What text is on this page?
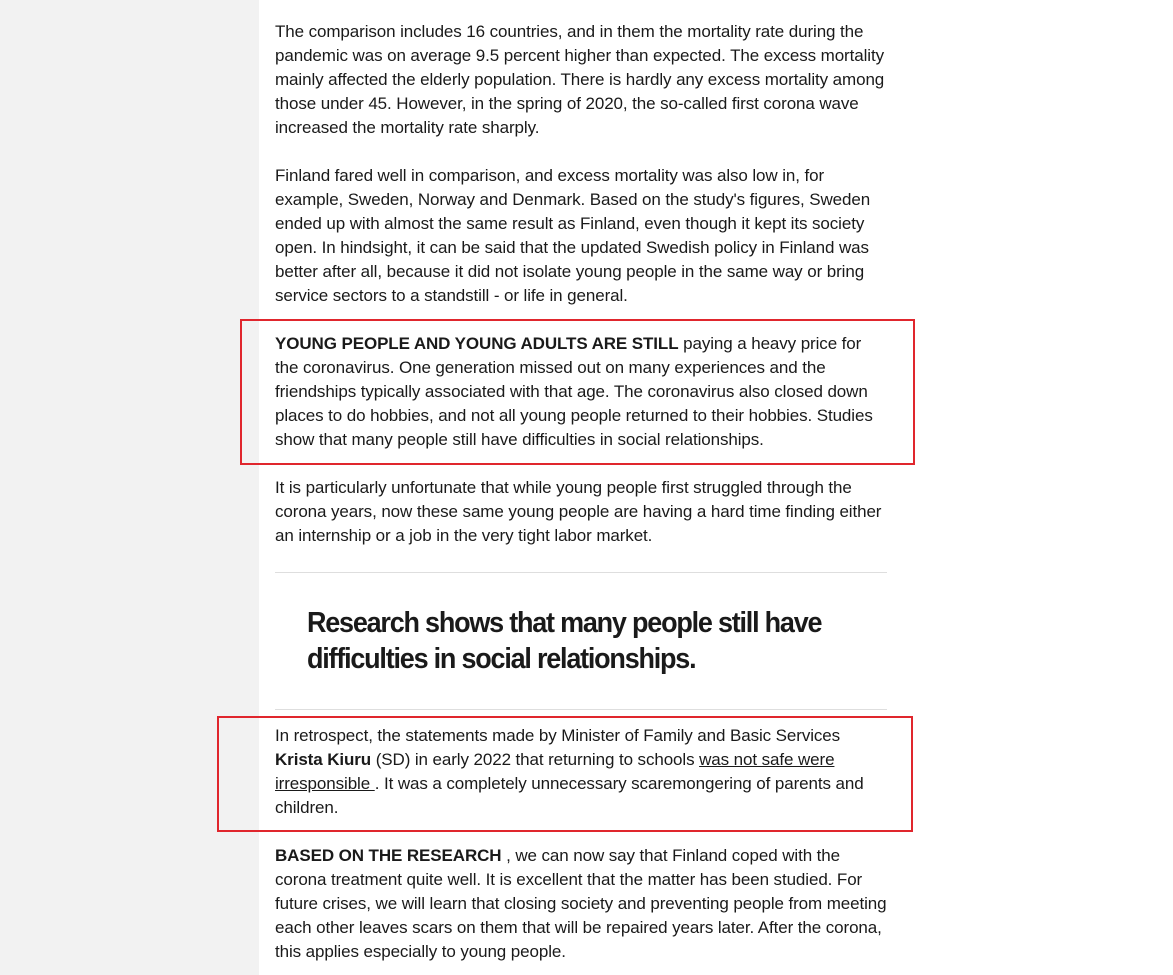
The comparison includes 16 countries, and in them the mortality rate during the pandemic was on average 9.5 percent higher than expected. The excess mortality mainly affected the elderly population. There is hardly any excess mortality among those under 45. However, in the spring of 2020, the so-called first corona wave increased the mortality rate sharply.

Finland fared well in comparison, and excess mortality was also low in, for example, Sweden, Norway and Denmark. Based on the study's figures, Sweden ended up with almost the same result as Finland, even though it kept its society open. In hindsight, it can be said that the updated Swedish policy in Finland was better after all, because it did not isolate young people in the same way or bring service sectors to a standstill - or life in general.

YOUNG PEOPLE AND YOUNG ADULTS ARE STILL paying a heavy price for the coronavirus. One generation missed out on many experiences and the friendships typically associated with that age. The coronavirus also closed down places to do hobbies, and not all young people returned to their hobbies. Studies show that many people still have difficulties in social relationships.

It is particularly unfortunate that while young people first struggled through the corona years, now these same young people are having a hard time finding either an internship or a job in the very tight labor market.

Research shows that many people still have difficulties in social relationships.

In retrospect, the statements made by Minister of Family and Basic Services Krista Kiuru (SD) in early 2022 that returning to schools was not safe were irresponsible . It was a completely unnecessary scaremongering of parents and children.

BASED ON THE RESEARCH , we can now say that Finland coped with the corona treatment quite well. It is excellent that the matter has been studied. For future crises, we will learn that closing society and preventing people from meeting each other leaves scars on them that will be repaired years later. After the corona, this applies especially to young people.
